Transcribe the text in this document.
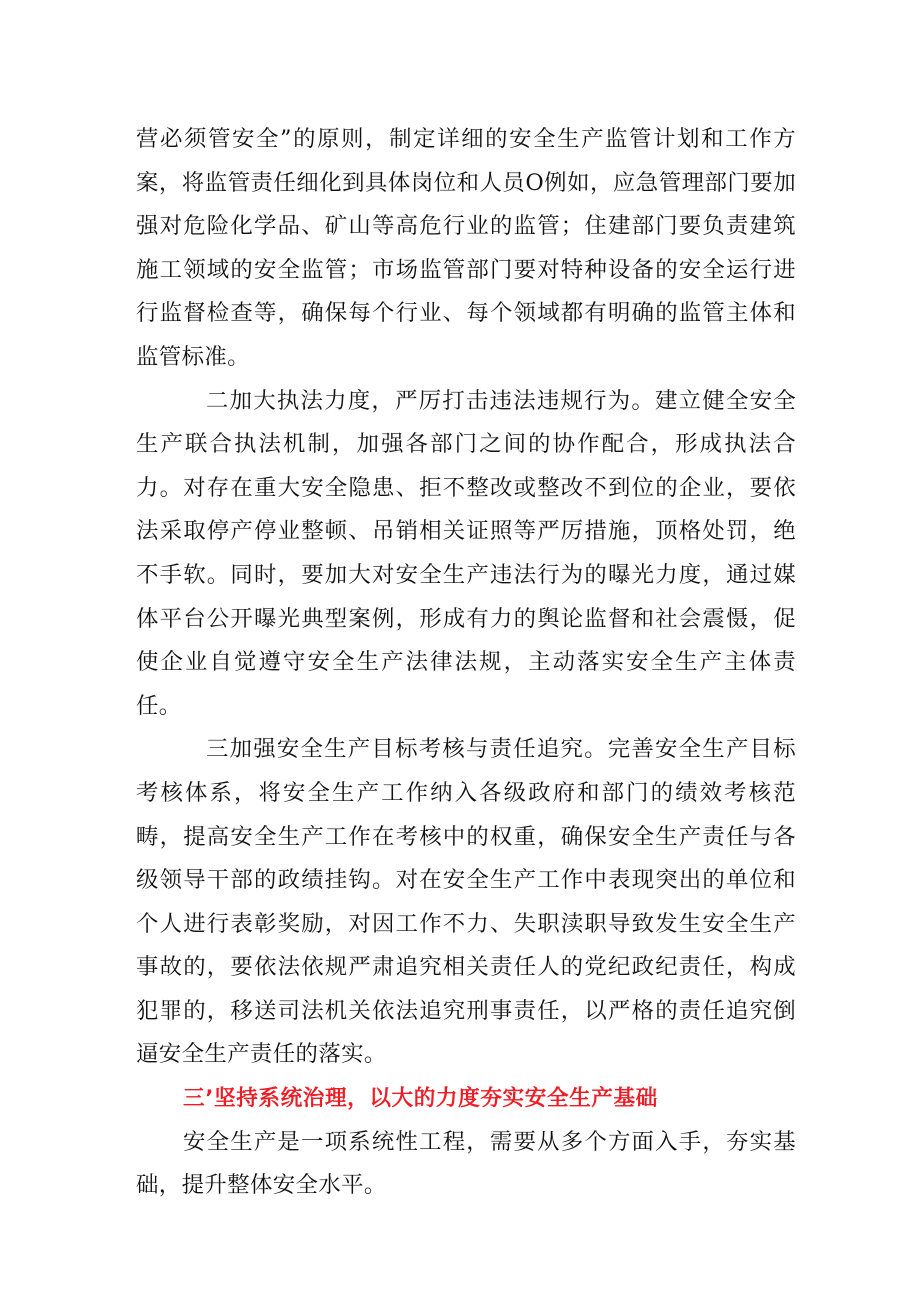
营必须管安全”的原则，制定详细的安全生产监管计划和工作方案，将监管责任细化到具体岗位和人员O例如，应急管理部门要加强对危险化学品、矿山等高危行业的监管；住建部门要负责建筑施工领域的安全监管；市场监管部门要对特种设备的安全运行进行监督检查等，确保每个行业、每个领域都有明确的监管主体和监管标准。

二加大执法力度，严厉打击违法违规行为。建立健全安全生产联合执法机制，加强各部门之间的协作配合，形成执法合力。对存在重大安全隐患、拒不整改或整改不到位的企业，要依法采取停产停业整顿、吊销相关证照等严厉措施，顶格处罚，绝不手软。同时，要加大对安全生产违法行为的曝光力度，通过媒体平台公开曝光典型案例，形成有力的舆论监督和社会震慑，促使企业自觉遵守安全生产法律法规，主动落实安全生产主体责任。

三加强安全生产目标考核与责任追究。完善安全生产目标考核体系，将安全生产工作纳入各级政府和部门的绩效考核范畴，提高安全生产工作在考核中的权重，确保安全生产责任与各级领导干部的政绩挂钩。对在安全生产工作中表现突出的单位和个人进行表彰奖励，对因工作不力、失职渎职导致发生安全生产事故的，要依法依规严肃追究相关责任人的党纪政纪责任，构成犯罪的，移送司法机关依法追究刑事责任，以严格的责任追究倒逼安全生产责任的落实。

三’坚持系统治理，以大的力度夯实安全生产基础

安全生产是一项系统性工程，需要从多个方面入手，夯实基础，提升整体安全水平。
